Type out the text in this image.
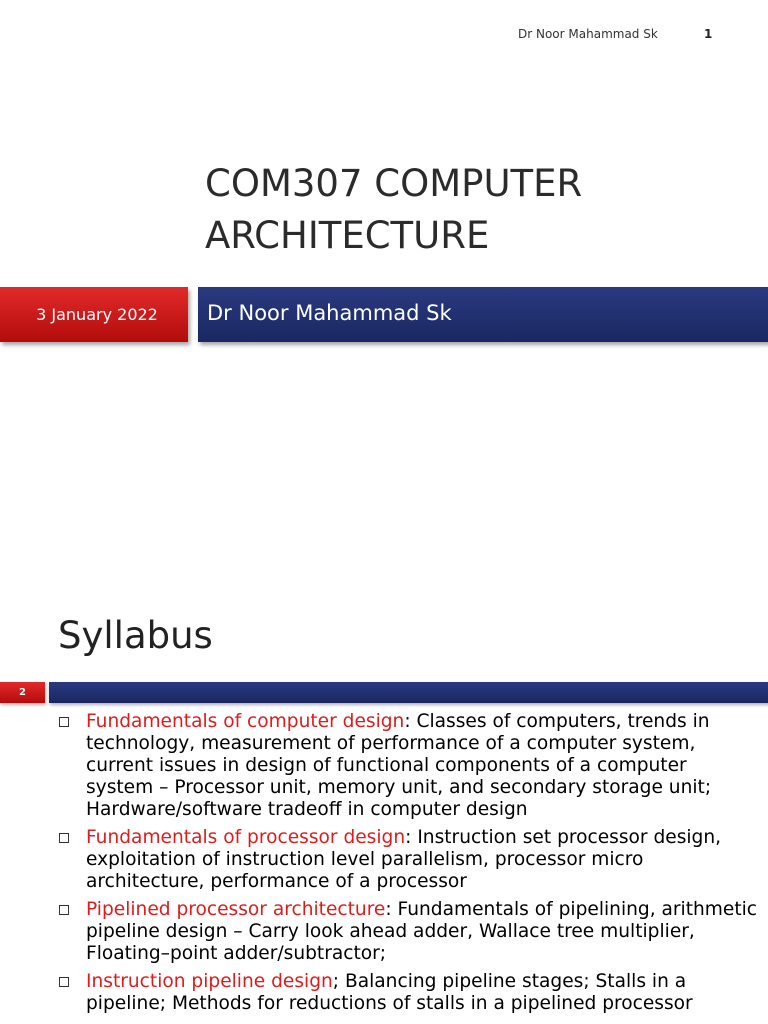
Dr Noor Mahammad Sk	1
COM307 COMPUTER
ARCHITECTURE
3 January 2022	Dr Noor Mahammad Sk
Syllabus
2
Fundamentals of computer design: Classes of computers, trends in technology, measurement of performance of a computer system, current issues in design of functional components of a computer system – Processor unit, memory unit, and secondary storage unit; Hardware/software tradeoff in computer design
Fundamentals of processor design: Instruction set processor design, exploitation of instruction level parallelism, processor micro architecture, performance of a processor
Pipelined processor architecture: Fundamentals of pipelining, arithmetic pipeline design – Carry look ahead adder, Wallace tree multiplier, Floating–point adder/subtractor;
Instruction pipeline design; Balancing pipeline stages; Stalls in a pipeline; Methods for reductions of stalls in a pipelined processor
